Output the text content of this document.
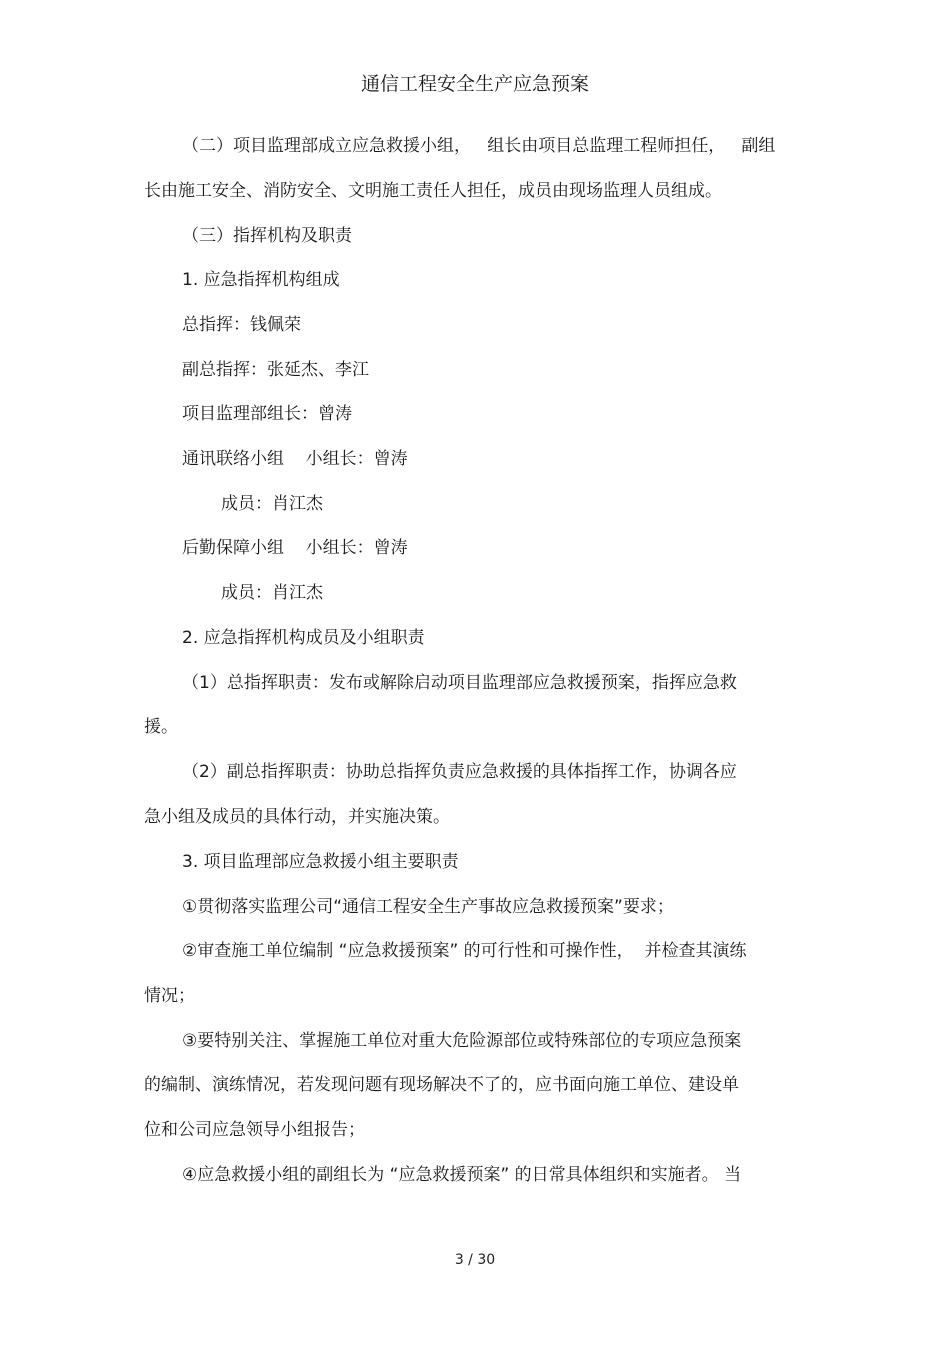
通信工程安全生产应急预案
（二）项目监理部成立应急救援小组，   组长由项目总监理工程师担任，   副组
长由施工安全、消防安全、文明施工责任人担任，成员由现场监理人员组成。
（三）指挥机构及职责
1. 应急指挥机构组成
总指挥：钱佩荣
副总指挥：张延杰、李江
项目监理部组长：曾涛
通讯联络小组    小组长：曾涛
成员：肖江杰
后勤保障小组    小组长：曾涛
成员：肖江杰
2. 应急指挥机构成员及小组职责
（1）总指挥职责：发布或解除启动项目监理部应急救援预案，指挥应急救
援。
（2）副总指挥职责：协助总指挥负责应急救援的具体指挥工作，协调各应
急小组及成员的具体行动，并实施决策。
3. 项目监理部应急救援小组主要职责
①贯彻落实监理公司“通信工程安全生产事故应急救援预案”要求；
②审查施工单位编制 “应急救援预案” 的可行性和可操作性，  并检查其演练
情况；
③要特别关注、掌握施工单位对重大危险源部位或特殊部位的专项应急预案
的编制、演练情况，若发现问题有现场解决不了的，应书面向施工单位、建设单
位和公司应急领导小组报告；
④应急救援小组的副组长为 “应急救援预案” 的日常具体组织和实施者。 当
3 / 30
